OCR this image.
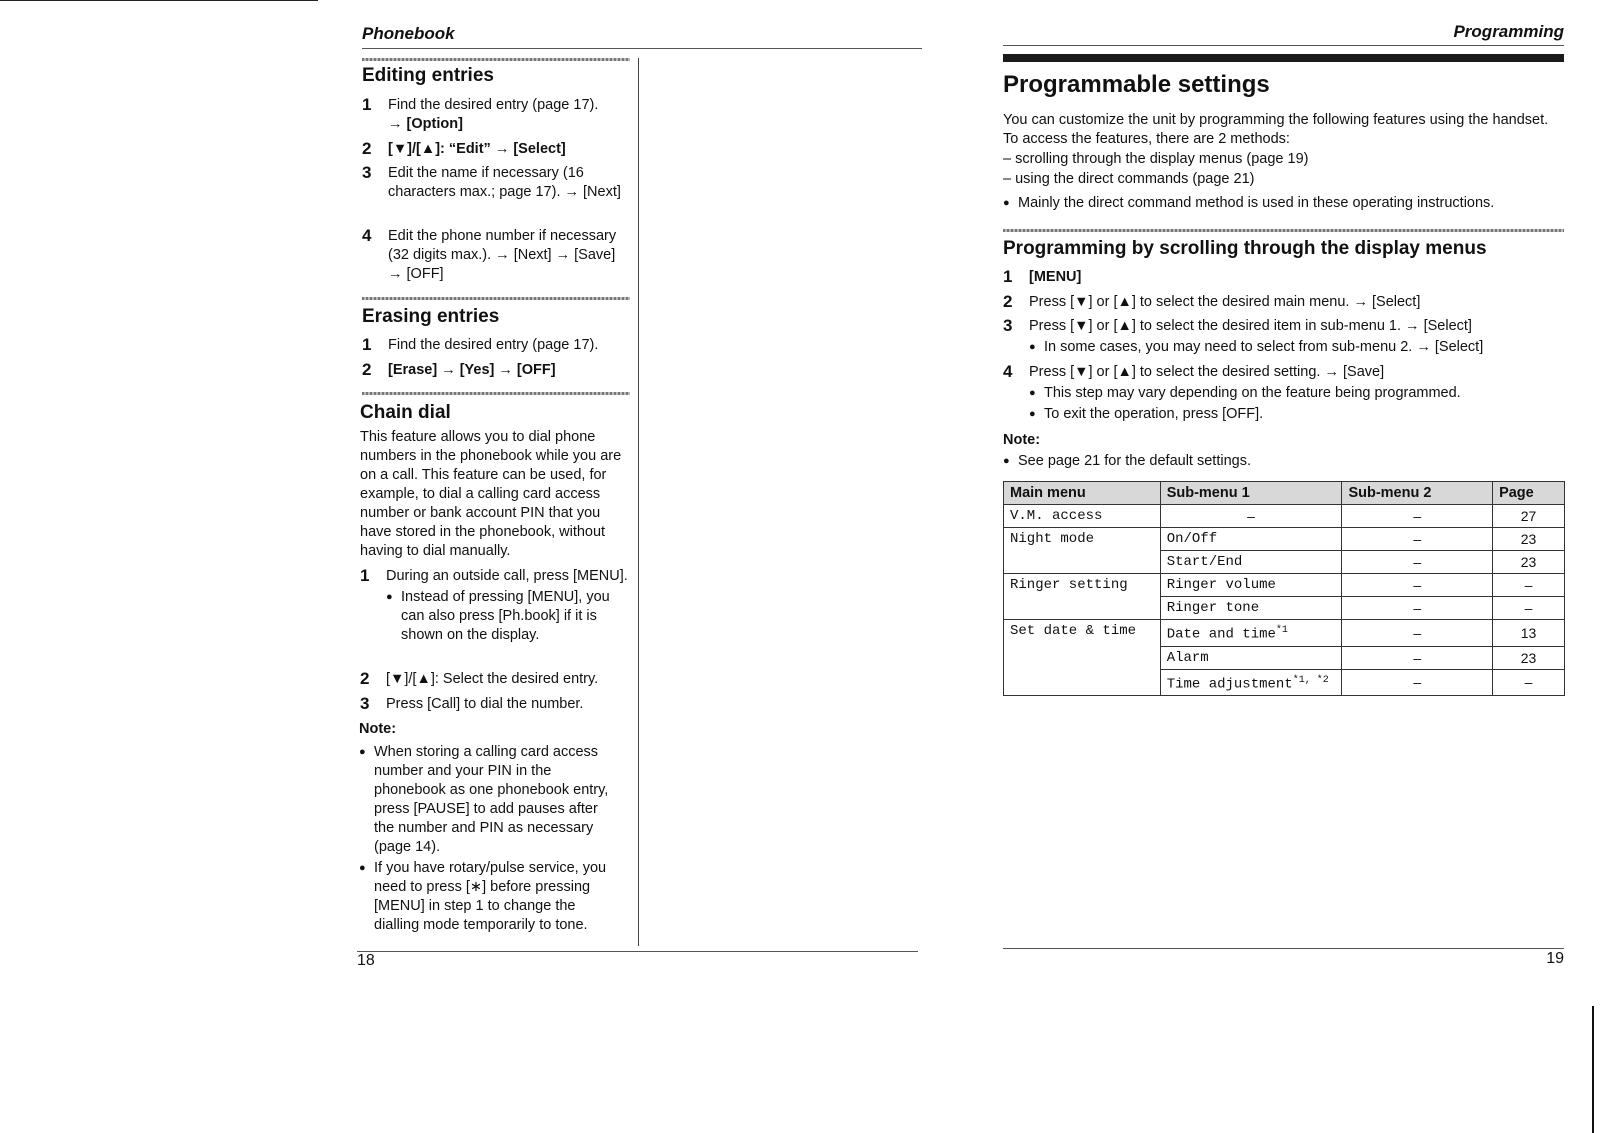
Phonebook
Editing entries
1 Find the desired entry (page 17).
→ [Option]
2 [▼]/[▲]: “Edit” → [Select]
3 Edit the name if necessary (16 characters max.; page 17). → [Next]
4 Edit the phone number if necessary (32 digits max.). → [Next] → [Save] → [OFF]
Erasing entries
1 Find the desired entry (page 17).
2 [Erase] → [Yes] → [OFF]
Chain dial
This feature allows you to dial phone numbers in the phonebook while you are on a call. This feature can be used, for example, to dial a calling card access number or bank account PIN that you have stored in the phonebook, without having to dial manually.
1 During an outside call, press [MENU].
● Instead of pressing [MENU], you can also press [Ph.book] if it is shown on the display.
2 [▼]/[▲]: Select the desired entry.
3 Press [Call] to dial the number.
Note:
● When storing a calling card access number and your PIN in the phonebook as one phonebook entry, press [PAUSE] to add pauses after the number and PIN as necessary (page 14).
● If you have rotary/pulse service, you need to press [∗] before pressing [MENU] in step 1 to change the dialling mode temporarily to tone.
18
Programming
Programmable settings
You can customize the unit by programming the following features using the handset.
To access the features, there are 2 methods:
– scrolling through the display menus (page 19)
– using the direct commands (page 21)
● Mainly the direct command method is used in these operating instructions.
Programming by scrolling through the display menus
1 [MENU]
2 Press [▼] or [▲] to select the desired main menu. → [Select]
3 Press [▼] or [▲] to select the desired item in sub-menu 1. → [Select]
● In some cases, you may need to select from sub-menu 2. → [Select]
4 Press [▼] or [▲] to select the desired setting. → [Save]
● This step may vary depending on the feature being programmed.
● To exit the operation, press [OFF].
Note:
● See page 21 for the default settings.
Main menu	Sub-menu 1	Sub-menu 2	Page
V.M. access	–	–	27
Night mode	On/Off	–	23
	Start/End	–	23
Ringer setting	Ringer volume	–	–
	Ringer tone	–	–
Set date & time	Date and time$^{*1}$	–	13
	Alarm	–	23
	Time adjustment$^{*1, *2}$	–	–
19
